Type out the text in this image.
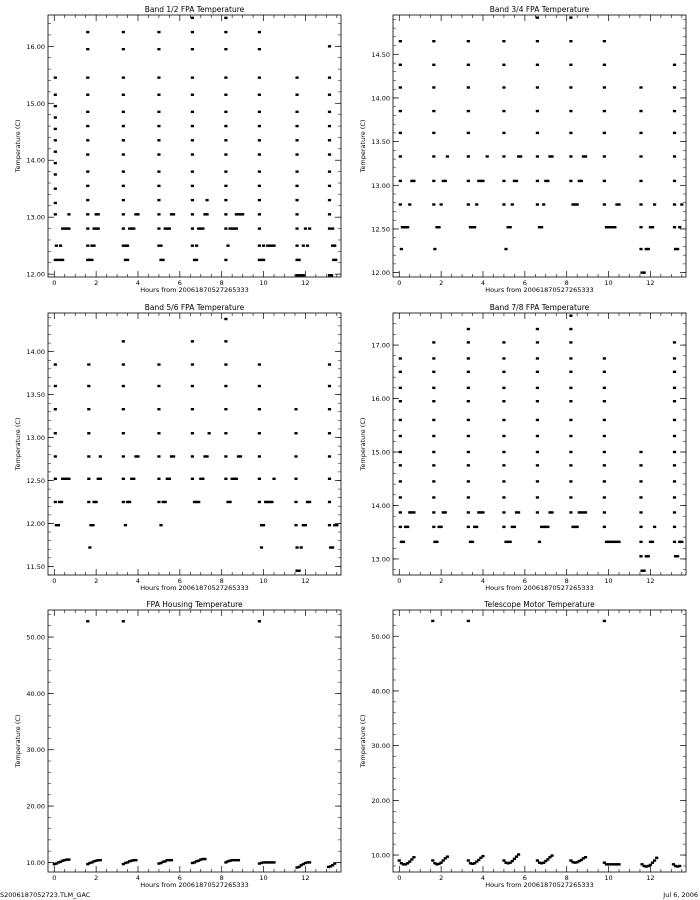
Band 1/2 FPA Temperature
Hours from 20061870527265333
Temperature (C)
0	2	4	6	8	10	12
12.00
13.00
14.00
15.00
16.00
Band 3/4 FPA Temperature
Hours from 20061870527265333
Temperature (C)
0	2	4	6	8	10	12
12.00
12.50
13.00
13.50
14.00
14.50
Band 5/6 FPA Temperature
Hours from 20061870527265333
Temperature (C)
0	2	4	6	8	10	12
11.50
12.00
12.50
13.00
13.50
14.00
Band 7/8 FPA Temperature
Hours from 20061870527265333
Temperature (C)
0	2	4	6	8	10	12
13.00
14.00
15.00
16.00
17.00
FPA Housing Temperature
Hours from 20061870527265333
Temperature (C)
0	2	4	6	8	10	12
10.00
20.00
30.00
40.00
50.00
Telescope Motor Temperature
Hours from 20061870527265333
Temperature (C)
0	2	4	6	8	10	12
10.00
20.00
30.00
40.00
50.00
S2006187052723.TLM_GAC	Jul 6, 2006
